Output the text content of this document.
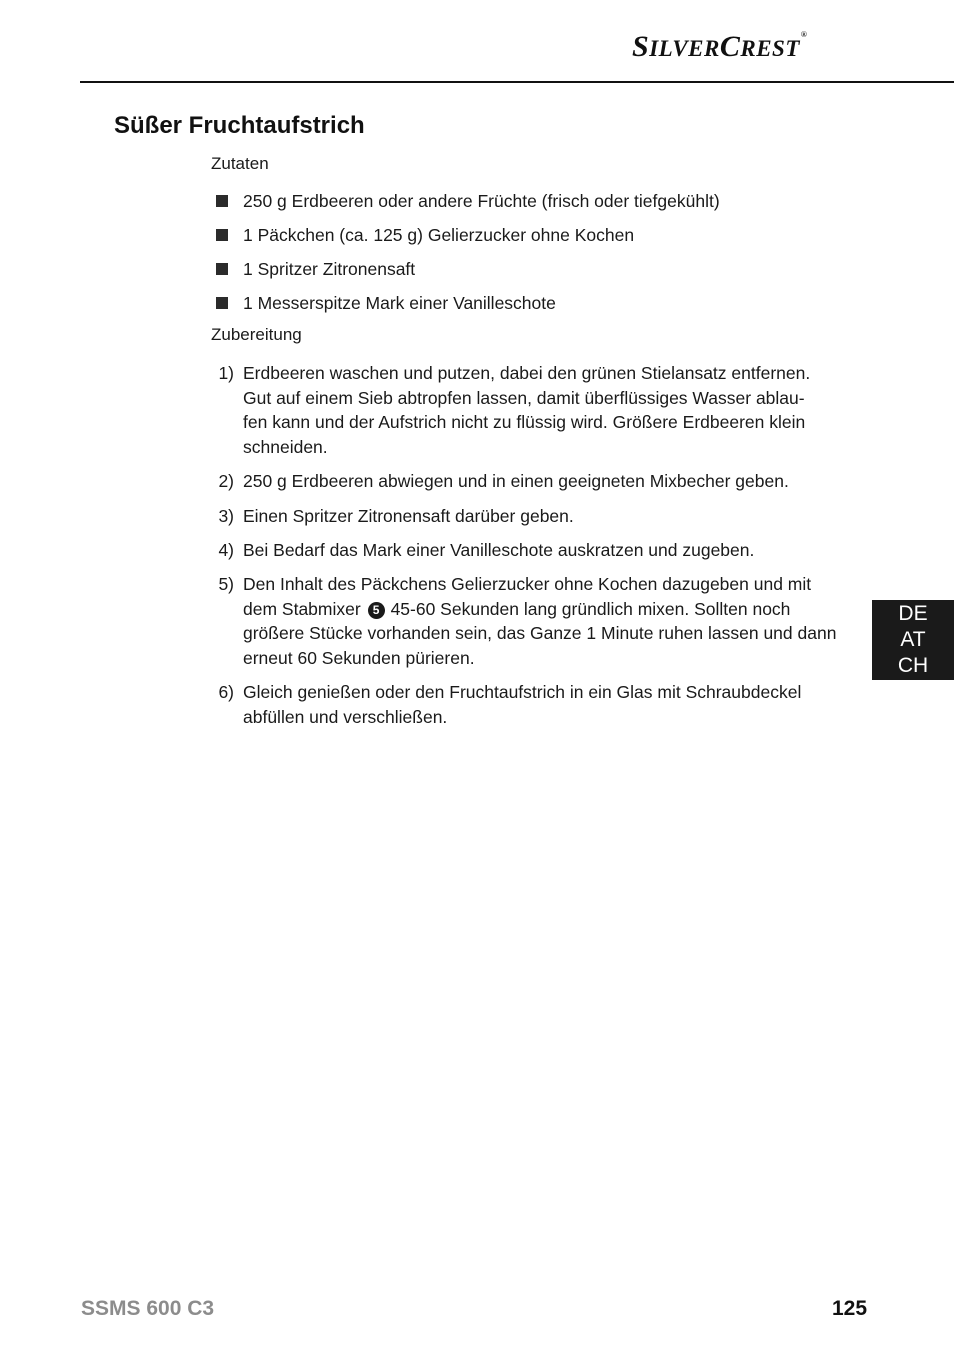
SILVERCREST®
Süßer Fruchtaufstrich
Zutaten
250 g Erdbeeren oder andere Früchte (frisch oder tiefgekühlt)
1 Päckchen (ca. 125 g) Gelierzucker ohne Kochen
1 Spritzer Zitronensaft
1 Messerspitze Mark einer Vanilleschote
Zubereitung
1) Erdbeeren waschen und putzen, dabei den grünen Stielansatz entfernen.
Gut auf einem Sieb abtropfen lassen, damit überflüssiges Wasser ablau-
fen kann und der Aufstrich nicht zu flüssig wird. Größere Erdbeeren klein
schneiden.
2) 250 g Erdbeeren abwiegen und in einen geeigneten Mixbecher geben.
3) Einen Spritzer Zitronensaft darüber geben.
4) Bei Bedarf das Mark einer Vanilleschote auskratzen und zugeben.
5) Den Inhalt des Päckchens Gelierzucker ohne Kochen dazugeben und mit
dem Stabmixer 5 45-60 Sekunden lang gründlich mixen. Sollten noch
größere Stücke vorhanden sein, das Ganze 1 Minute ruhen lassen und dann
erneut 60 Sekunden pürieren.
6) Gleich genießen oder den Fruchtaufstrich in ein Glas mit Schraubdeckel
abfüllen und verschließen.
DE
AT
CH
SSMS 600 C3	125
